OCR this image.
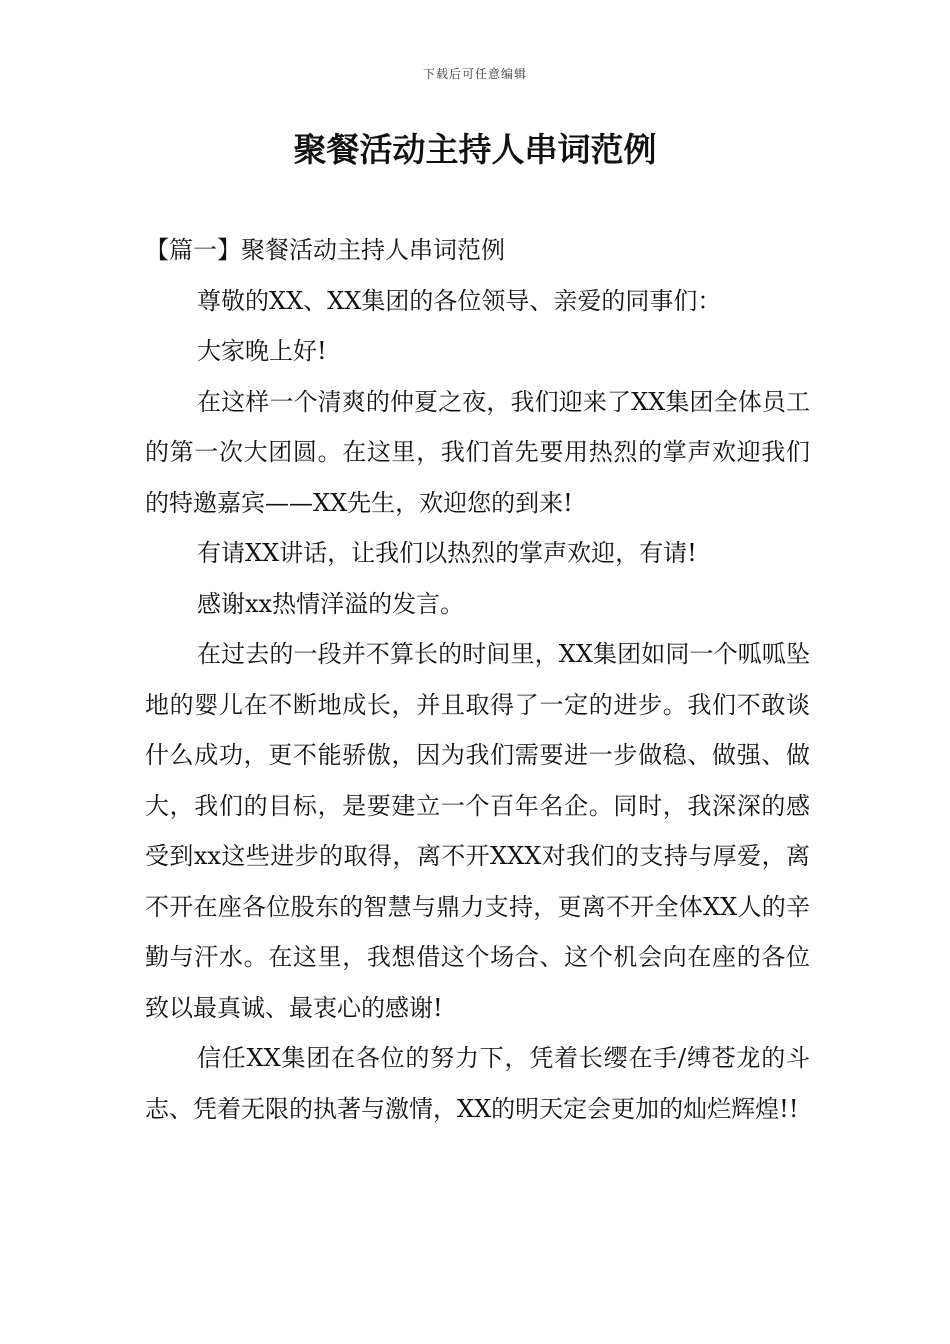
下载后可任意编辑
聚餐活动主持人串词范例

【篇一】聚餐活动主持人串词范例

尊敬的XX、XX集团的各位领导、亲爱的同事们：

大家晚上好!

在这样一个清爽的仲夏之夜，我们迎来了XX集团全体员工的第一次大团圆。在这里，我们首先要用热烈的掌声欢迎我们的特邀嘉宾——XX先生，欢迎您的到来!

有请XX讲话，让我们以热烈的掌声欢迎，有请!

感谢xx热情洋溢的发言。

在过去的一段并不算长的时间里，XX集团如同一个呱呱坠地的婴儿在不断地成长，并且取得了一定的进步。我们不敢谈什么成功，更不能骄傲，因为我们需要进一步做稳、做强、做大，我们的目标，是要建立一个百年名企。同时，我深深的感受到xx这些进步的取得，离不开XXX对我们的支持与厚爱，离不开在座各位股东的智慧与鼎力支持，更离不开全体XX人的辛勤与汗水。在这里，我想借这个场合、这个机会向在座的各位致以最真诚、最衷心的感谢!

信任XX集团在各位的努力下，凭着长缨在手/缚苍龙的斗志、凭着无限的执著与激情，XX的明天定会更加的灿烂辉煌!!
